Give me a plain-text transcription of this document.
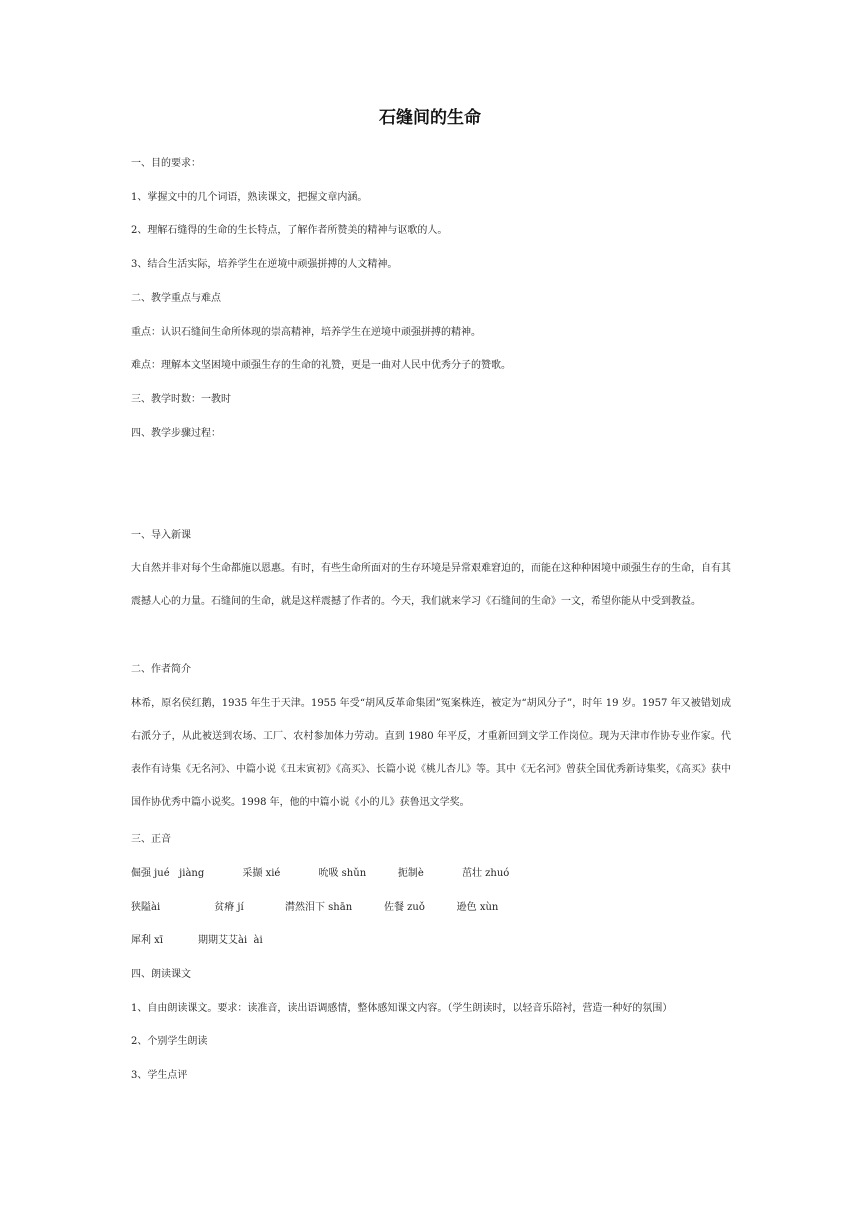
石缝间的生命
一、目的要求：
1、掌握文中的几个词语，熟读课文，把握文章内涵。
2、理解石缝得的生命的生长特点，了解作者所赞美的精神与讴歌的人。
3、结合生活实际，培养学生在逆境中顽强拼搏的人文精神。
二、教学重点与难点
重点：认识石缝间生命所体现的崇高精神，培养学生在逆境中顽强拼搏的精神。
难点：理解本文坚困境中顽强生存的生命的礼赞，更是一曲对人民中优秀分子的赞歌。
三、教学时数：一教时
四、教学步骤过程：
一、导入新课
大自然并非对每个生命都施以恩惠。有时，有些生命所面对的生存环境是异常艰难窘迫的，而能在这种种困境中顽强生存的生命，自有其震撼人心的力量。石缝间的生命，就是这样震撼了作者的。今天，我们就来学习《石缝间的生命》一文，希望你能从中受到教益。
二、作者简介
林希，原名侯红鹅，1935 年生于天津。1955 年受“胡风反革命集团”冤案株连，被定为“胡风分子”，时年 19 岁。1957 年又被错划成右派分子，从此被送到农场、工厂、农村参加体力劳动。直到 1980 年平反，才重新回到文学工作岗位。现为天津市作协专业作家。代表作有诗集《无名河》、中篇小说《丑末寅初》《高买》、长篇小说《桃儿杏儿》等。其中《无名河》曾获全国优秀新诗集奖，《高买》获中国作协优秀中篇小说奖。1998 年，他的中篇小说《小的儿》获鲁迅文学奖。
三、正音
倔强 jué   jiàng            采撷 xié            吮吸 shǔn          扼制è            茁壮 zhuó
狭隘ài                 贫瘠 jí             潸然泪下 shān          佐餐 zuǒ          逊色 xùn
犀利 xī           期期艾艾ài  ài
四、朗读课文
1、自由朗读课文。要求：读准音，读出语调感情，整体感知课文内容。（学生朗读时，以轻音乐陪衬，营造一种好的氛围）
2、个别学生朗读
3、学生点评
